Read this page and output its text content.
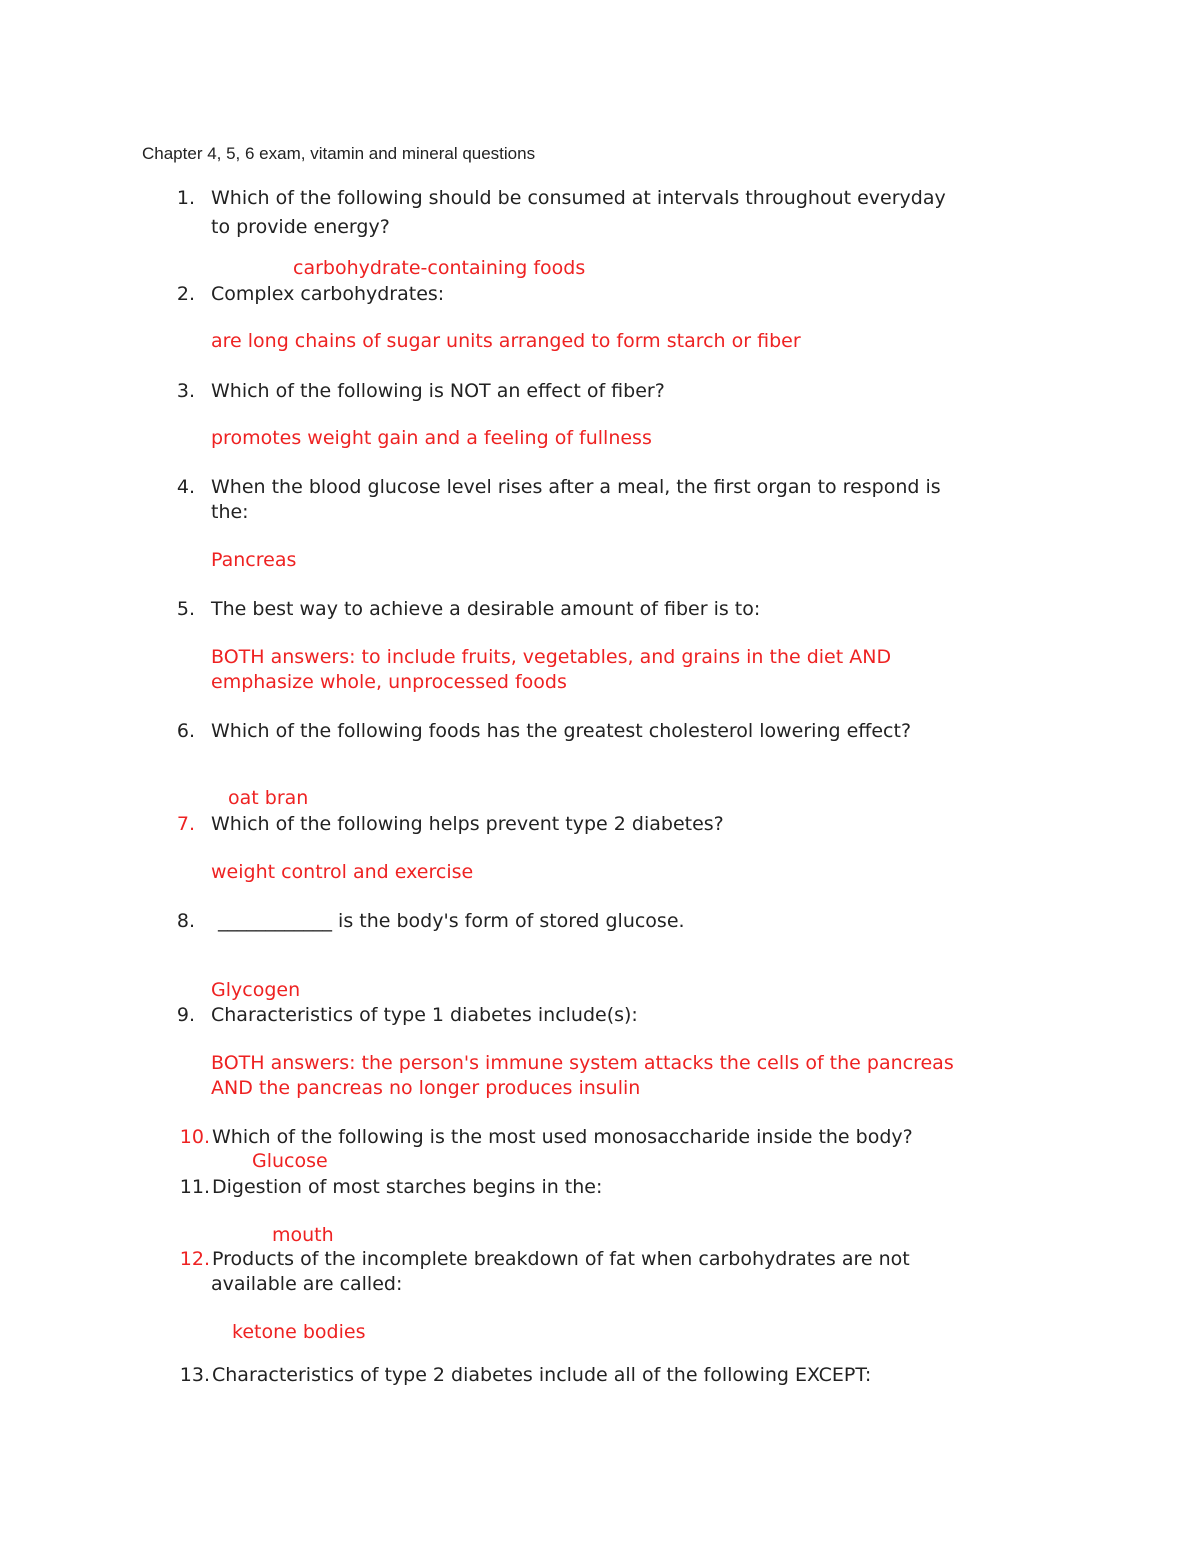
Chapter 4, 5, 6 exam, vitamin and mineral questions
1. Which of the following should be consumed at intervals throughout everyday
to provide energy?
carbohydrate-containing foods
2. Complex carbohydrates:
are long chains of sugar units arranged to form starch or fiber
3. Which of the following is NOT an effect of fiber?
promotes weight gain and a feeling of fullness
4. When the blood glucose level rises after a meal, the first organ to respond is
the:
Pancreas
5. The best way to achieve a desirable amount of fiber is to:
BOTH answers: to include fruits, vegetables, and grains in the diet AND
emphasize whole, unprocessed foods
6. Which of the following foods has the greatest cholesterol lowering effect?
oat bran
7. Which of the following helps prevent type 2 diabetes?
weight control and exercise
8. ____________ is the body's form of stored glucose.
Glycogen
9. Characteristics of type 1 diabetes include(s):
BOTH answers: the person's immune system attacks the cells of the pancreas
AND the pancreas no longer produces insulin
10. Which of the following is the most used monosaccharide inside the body?
Glucose
11. Digestion of most starches begins in the:
mouth
12. Products of the incomplete breakdown of fat when carbohydrates are not
available are called:
ketone bodies
13. Characteristics of type 2 diabetes include all of the following EXCEPT:
